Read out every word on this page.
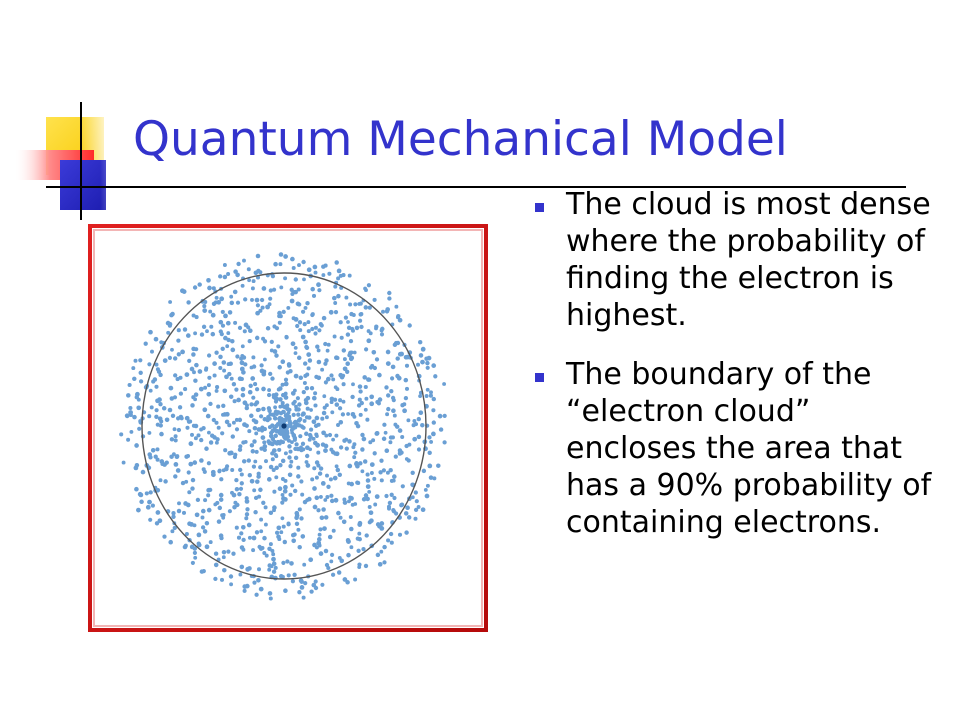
Quantum Mechanical Model
The cloud is most dense where the probability of finding the electron is highest.
The boundary of the “electron cloud” encloses the area that has a 90% probability of containing electrons.
